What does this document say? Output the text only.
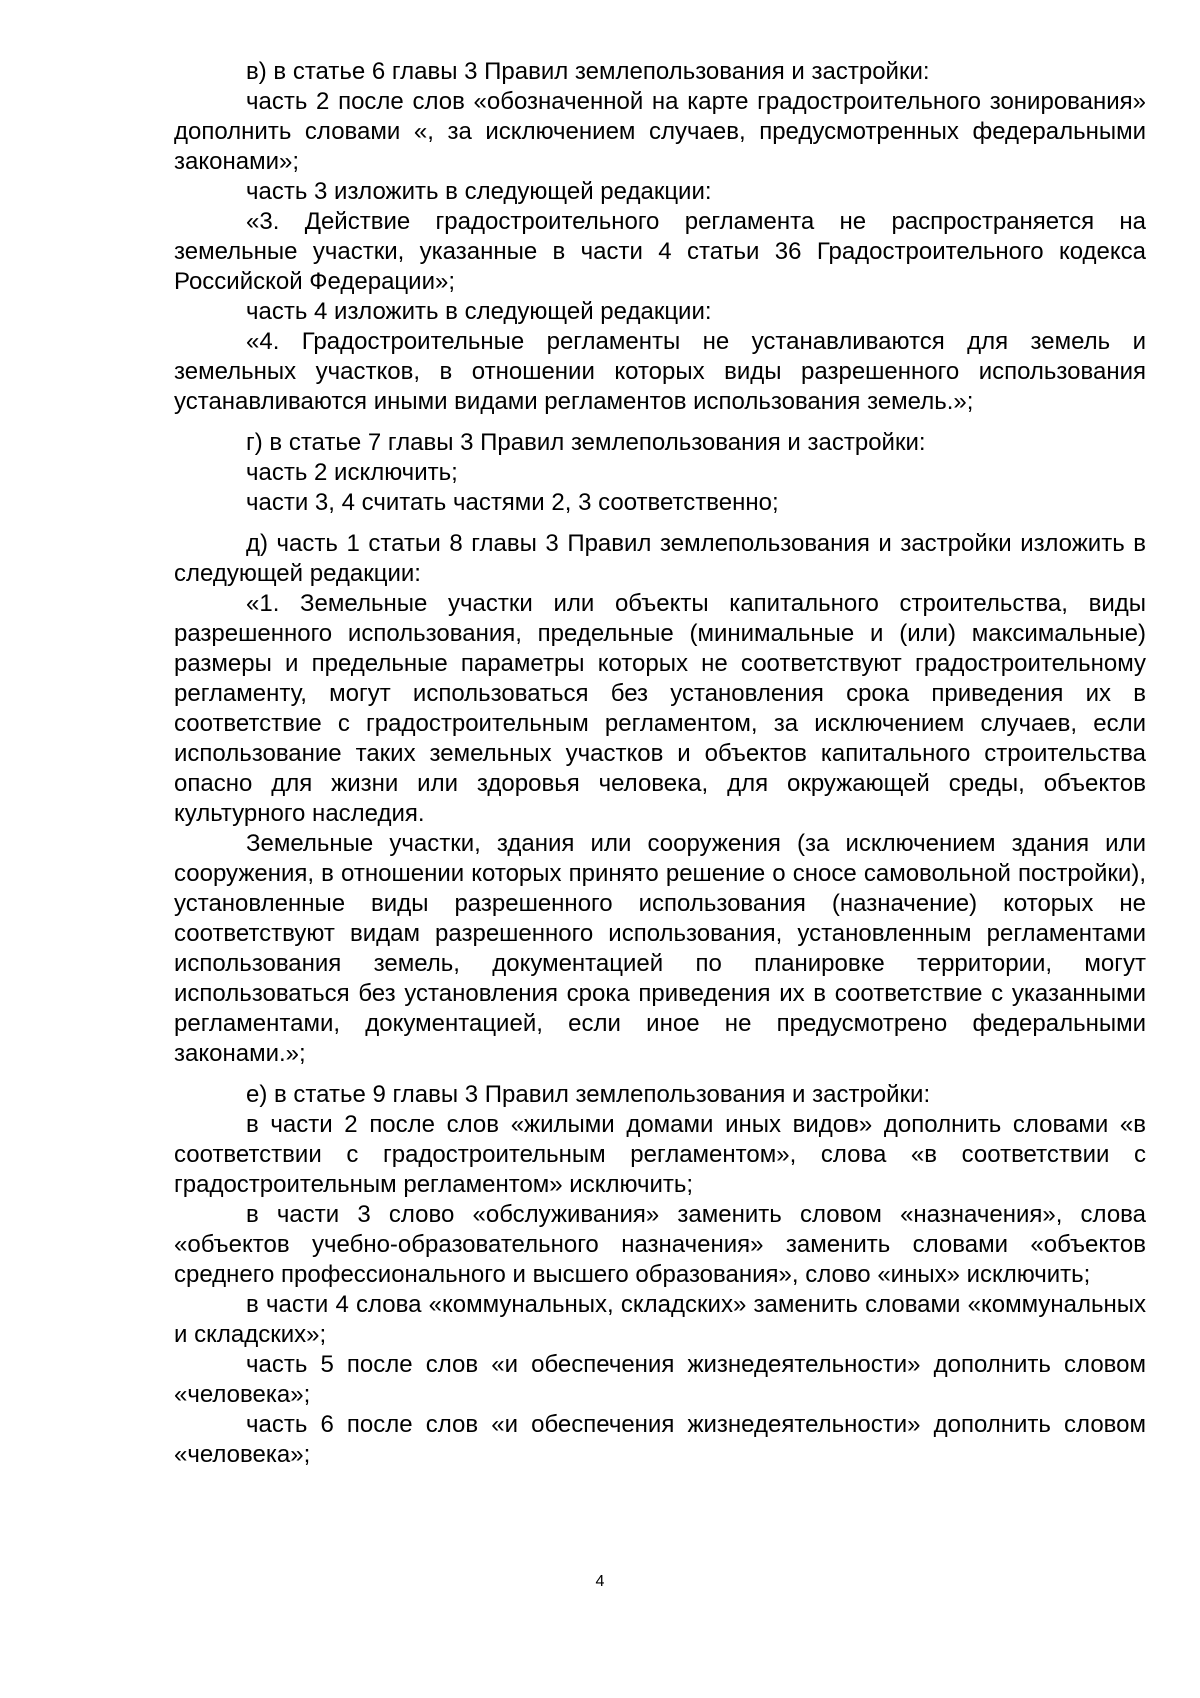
в) в статье 6 главы 3 Правил землепользования и застройки:

часть 2 после слов «обозначенной на карте градостроительного зонирования» дополнить словами «, за исключением случаев, предусмотренных федеральными законами»;

часть 3 изложить в следующей редакции:

«3. Действие градостроительного регламента не распространяется на земельные участки, указанные в части 4 статьи 36 Градостроительного кодекса Российской Федерации»;

часть 4 изложить в следующей редакции:

«4. Градостроительные регламенты не устанавливаются для земель и земельных участков, в отношении которых виды разрешенного использования устанавливаются иными видами регламентов использования земель.»;

г) в статье 7 главы 3 Правил землепользования и застройки:

часть 2 исключить;

части 3, 4 считать частями 2, 3 соответственно;

д) часть 1 статьи 8 главы 3 Правил землепользования и застройки изложить в следующей редакции:

«1. Земельные участки или объекты капитального строительства, виды разрешенного использования, предельные (минимальные и (или) максимальные) размеры и предельные параметры которых не соответствуют градостроительному регламенту, могут использоваться без установления срока приведения их в соответствие с градостроительным регламентом, за исключением случаев, если использование таких земельных участков и объектов капитального строительства опасно для жизни или здоровья человека, для окружающей среды, объектов культурного наследия.

Земельные участки, здания или сооружения (за исключением здания или сооружения, в отношении которых принято решение о сносе самовольной постройки), установленные виды разрешенного использования (назначение) которых не соответствуют видам разрешенного использования, установленным регламентами использования земель, документацией по планировке территории, могут использоваться без установления срока приведения их в соответствие с указанными регламентами, документацией, если иное не предусмотрено федеральными законами.»;

е) в статье 9 главы 3 Правил землепользования и застройки:

в части 2 после слов «жилыми домами иных видов» дополнить словами «в соответствии с градостроительным регламентом», слова «в соответствии с градостроительным регламентом» исключить;

в части 3 слово «обслуживания» заменить словом «назначения», слова «объектов учебно-образовательного назначения» заменить словами «объектов среднего профессионального и высшего образования», слово «иных» исключить;

в части 4 слова «коммунальных, складских» заменить словами «коммунальных и складских»;

часть 5 после слов «и обеспечения жизнедеятельности» дополнить словом «человека»;

часть 6 после слов «и обеспечения жизнедеятельности» дополнить словом «человека»;

4
